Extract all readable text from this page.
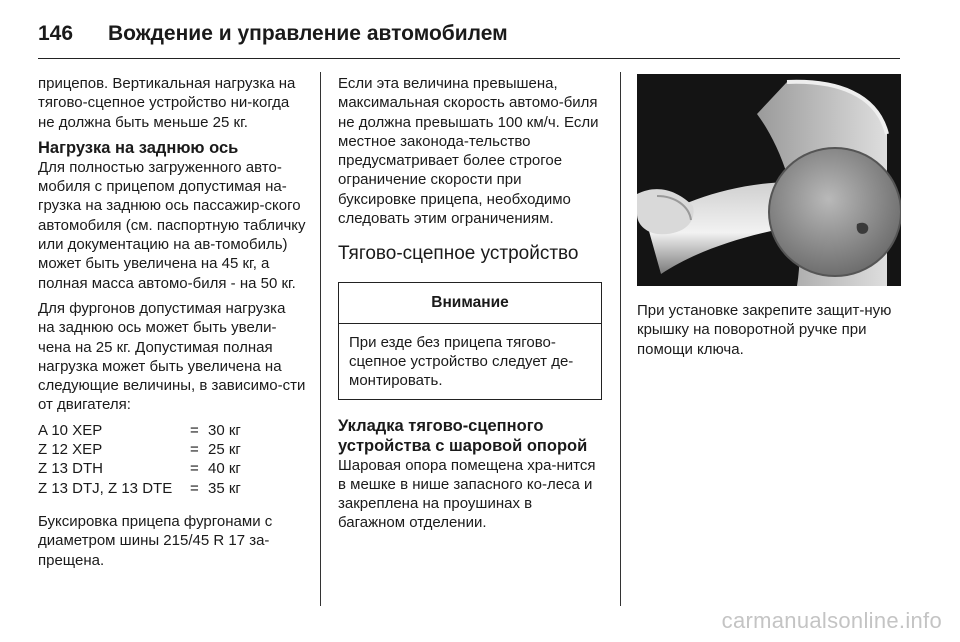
146	Вождение и управление автомобилем

прицепов. Вертикальная нагрузка на тягово-сцепное устройство ни-когда не должна быть меньше 25 кг.

Нагрузка на заднюю ось

Для полностью загруженного авто-мобиля с прицепом допустимая на-грузка на заднюю ось пассажир-ского автомобиля (см. паспортную табличку или документацию на ав-томобиль) может быть увеличена на 45 кг, а полная масса автомо-биля - на 50 кг.

Для фургонов допустимая нагрузка на заднюю ось может быть увели-чена на 25 кг. Допустимая полная нагрузка может быть увеличена на следующие величины, в зависимо-сти от двигателя:

A 10 XEP	= 30 кг
Z 12 XEP	= 25 кг
Z 13 DTH	= 40 кг
Z 13 DTJ, Z 13 DTE	= 35 кг

Буксировка прицепа фургонами с диаметром шины 215/45 R 17 за-прещена.

Если эта величина превышена, максимальная скорость автомо-биля не должна превышать 100 км/ч. Если местное законода-тельство предусматривает более строгое ограничение скорости при буксировке прицепа, необходимо следовать этим ограничениям.

Тягово-сцепное устройство
Внимание
При езде без прицепа тягово-сцепное устройство следует де-монтировать.
Укладка тягово-сцепного устройства с шаровой опорой

Шаровая опора помещена хра-нится в мешке в нише запасного ко-леса и закреплена на проушинах в багажном отделении.

При установке закрепите защит-ную крышку на поворотной ручке при помощи ключа.

carmanualsonline.info
